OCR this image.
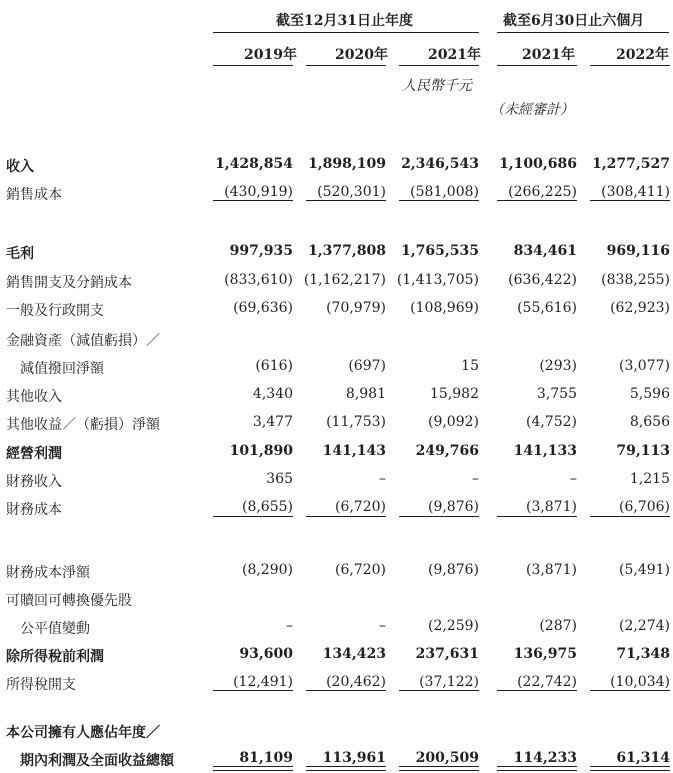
截至12月31日止年度	截至6月30日止六個月
2019年	2020年	2021年	2021年	2022年
人民幣千元
（未經審計）
收入	1,428,854 1,898,109 2,346,543 1,100,686 1,277,527
銷售成本	(430,919) (520,301) (581,008) (266,225) (308,411)
毛利	997,935 1,377,808 1,765,535 834,461 969,116
銷售開支及分銷成本	(833,610) (1,162,217) (1,413,705) (636,422) (838,255)
一般及行政開支	(69,636) (70,979) (108,969)	(55,616) (62,923)
金融資產（減值虧損）／
減值撥回淨額	(616)	(697)	15	(293)	(3,077)
其他收入	4,340	8,981	15,982	3,755	5,596
其他收益／（虧損）淨額	3,477 (11,753)	(9,092)	(4,752)	8,656
經營利潤	101,890 141,143 249,766 141,133	79,113
財務收入	365	–	–	–	1,215
財務成本	(8,655)	(6,720)	(9,876)	(3,871)	(6,706)
財務成本淨額	(8,290)	(6,720)	(9,876)	(3,871)	(5,491)
可贖回可轉換優先股
公平值變動	–	–	(2,259)	(287)	(2,274)
除所得稅前利潤	93,600 134,423 237,631 136,975	71,348
所得稅開支	(12,491) (20,462) (37,122)	(22,742) (10,034)
本公司擁有人應佔年度／
期內利潤及全面收益總額	81,109 113,961 200,509 114,233	61,314
